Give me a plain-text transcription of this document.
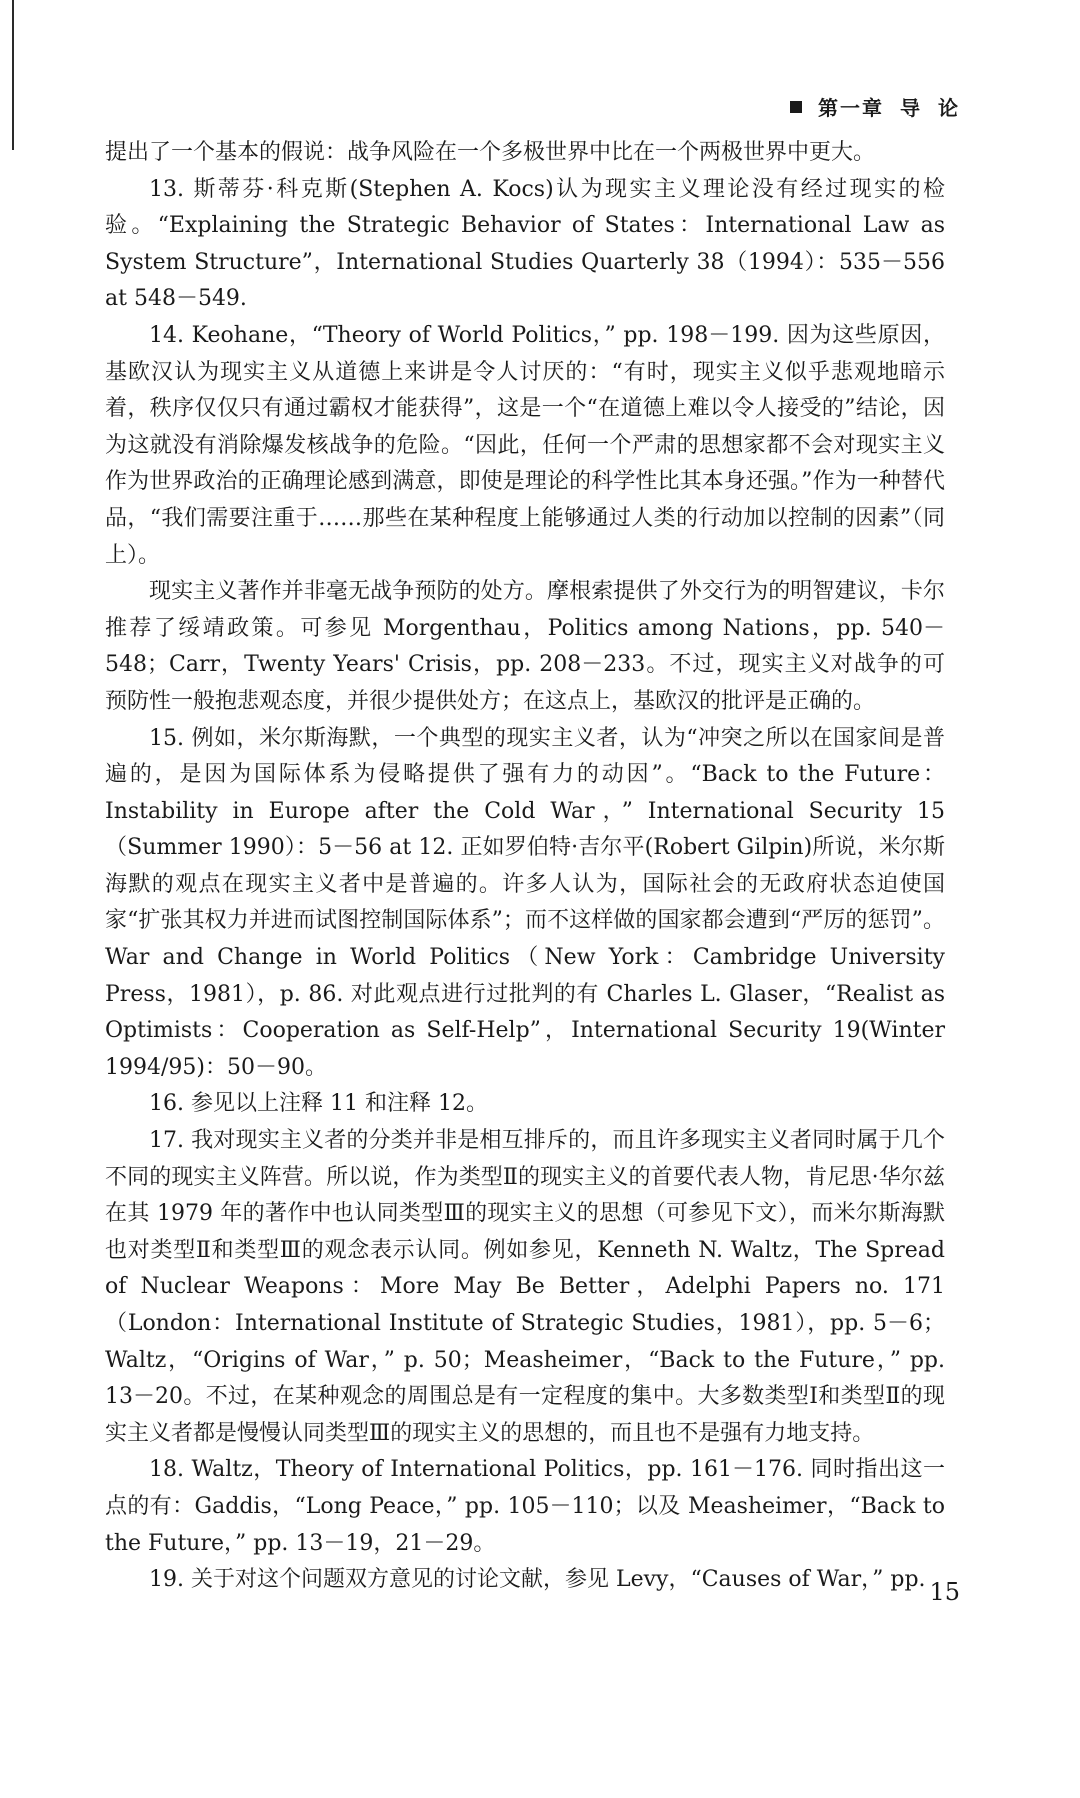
第一章 导 论

提出了一个基本的假说：战争风险在一个多极世界中比在一个两极世界中更大。

13. 斯蒂芬·科克斯(Stephen A. Kocs)认为现实主义理论没有经过现实的检验。“Explaining the Strategic Behavior of States：International Law as System Structure”，International Studies Quarterly 38（1994）：535－556 at 548－549.

14. Keohane，“Theory of World Politics，” pp. 198－199. 因为这些原因，基欧汉认为现实主义从道德上来讲是令人讨厌的：“有时，现实主义似乎悲观地暗示着，秩序仅仅只有通过霸权才能获得”，这是一个“在道德上难以令人接受的”结论，因为这就没有消除爆发核战争的危险。“因此，任何一个严肃的思想家都不会对现实主义作为世界政治的正确理论感到满意，即使是理论的科学性比其本身还强。”作为一种替代品，“我们需要注重于……那些在某种程度上能够通过人类的行动加以控制的因素”（同上）。

现实主义著作并非毫无战争预防的处方。摩根索提供了外交行为的明智建议，卡尔推荐了绥靖政策。可参见 Morgenthau，Politics among Nations，pp. 540－548；Carr，Twenty Years' Crisis，pp. 208－233。不过，现实主义对战争的可预防性一般抱悲观态度，并很少提供处方；在这点上，基欧汉的批评是正确的。

15. 例如，米尔斯海默，一个典型的现实主义者，认为“冲突之所以在国家间是普遍的，是因为国际体系为侵略提供了强有力的动因”。“Back to the Future：Instability in Europe after the Cold War，” International Security 15（Summer 1990）：5－56 at 12. 正如罗伯特·吉尔平(Robert Gilpin)所说，米尔斯海默的观点在现实主义者中是普遍的。许多人认为，国际社会的无政府状态迫使国家“扩张其权力并进而试图控制国际体系”；而不这样做的国家都会遭到“严厉的惩罚”。War and Change in World Politics（New York：Cambridge University Press，1981），p. 86. 对此观点进行过批判的有 Charles L. Glaser，“Realist as Optimists：Cooperation as Self-Help”，International Security 19(Winter 1994/95)：50－90。

16. 参见以上注释 11 和注释 12。

17. 我对现实主义者的分类并非是相互排斥的，而且许多现实主义者同时属于几个不同的现实主义阵营。所以说，作为类型Ⅱ的现实主义的首要代表人物，肯尼思·华尔兹在其 1979 年的著作中也认同类型Ⅲ的现实主义的思想（可参见下文），而米尔斯海默也对类型Ⅱ和类型Ⅲ的观念表示认同。例如参见，Kenneth N. Waltz，The Spread of Nuclear Weapons：More May Be Better，Adelphi Papers no. 171（London：International Institute of Strategic Studies，1981），pp. 5－6；Waltz，“Origins of War，” p. 50；Measheimer，“Back to the Future，” pp. 13－20。不过，在某种观念的周围总是有一定程度的集中。大多数类型Ⅰ和类型Ⅱ的现实主义者都是慢慢认同类型Ⅲ的现实主义的思想的，而且也不是强有力地支持。

18. Waltz，Theory of International Politics，pp. 161－176. 同时指出这一点的有：Gaddis，“Long Peace，” pp. 105－110；以及 Measheimer，“Back to the Future，” pp. 13－19，21－29。

19. 关于对这个问题双方意见的讨论文献，参见 Levy，“Causes of War，” pp. 15
